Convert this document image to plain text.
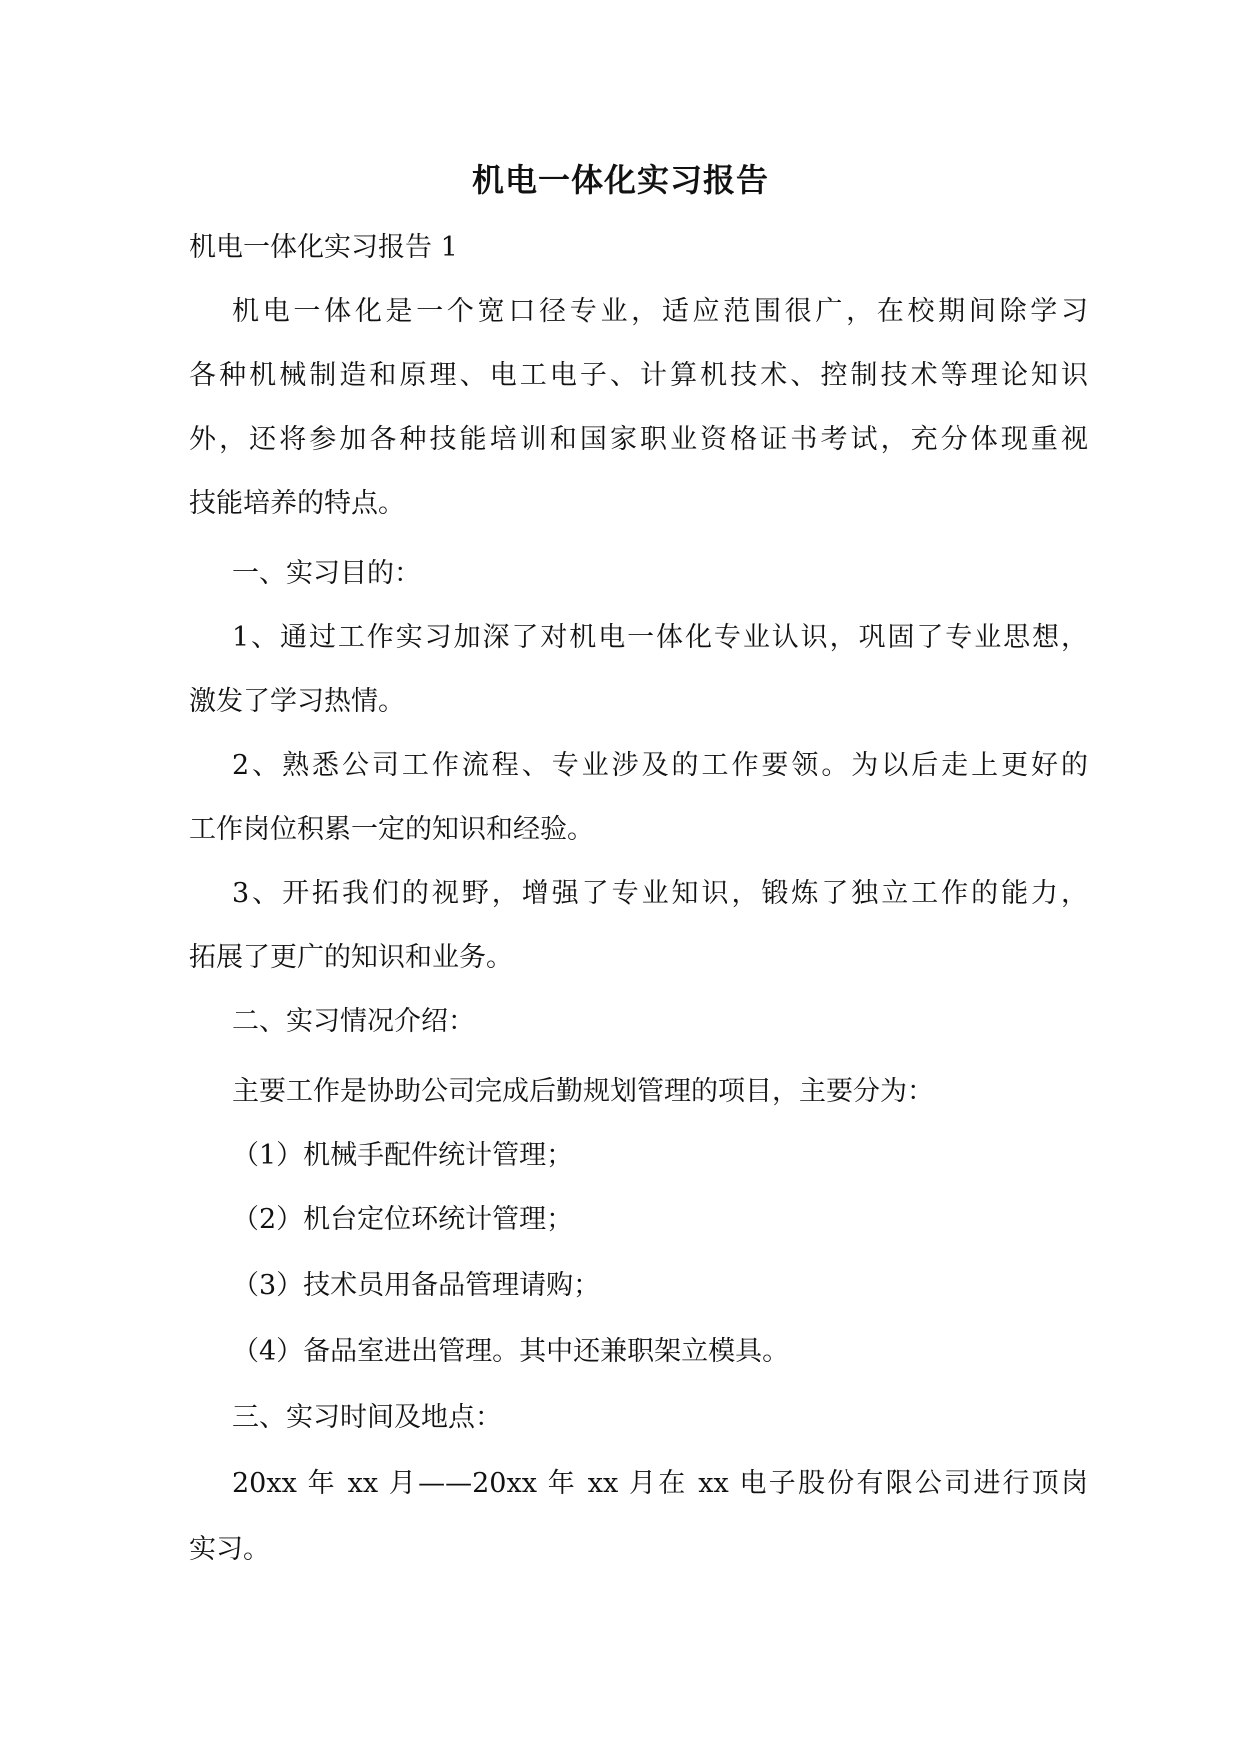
机电一体化实习报告

机电一体化实习报告 1

机电一体化是一个宽口径专业，适应范围很广，在校期间除学习

各种机械制造和原理、电工电子、计算机技术、控制技术等理论知识

外，还将参加各种技能培训和国家职业资格证书考试，充分体现重视

技能培养的特点。

一、实习目的：

1、通过工作实习加深了对机电一体化专业认识，巩固了专业思想，

激发了学习热情。

2、熟悉公司工作流程、专业涉及的工作要领。为以后走上更好的

工作岗位积累一定的知识和经验。

3、开拓我们的视野，增强了专业知识，锻炼了独立工作的能力，

拓展了更广的知识和业务。

二、实习情况介绍：

主要工作是协助公司完成后勤规划管理的项目，主要分为：

（1）机械手配件统计管理；

（2）机台定位环统计管理；

（3）技术员用备品管理请购；

（4）备品室进出管理。其中还兼职架立模具。

三、实习时间及地点：

20xx 年 xx 月——20xx 年 xx 月在 xx 电子股份有限公司进行顶岗

实习。
